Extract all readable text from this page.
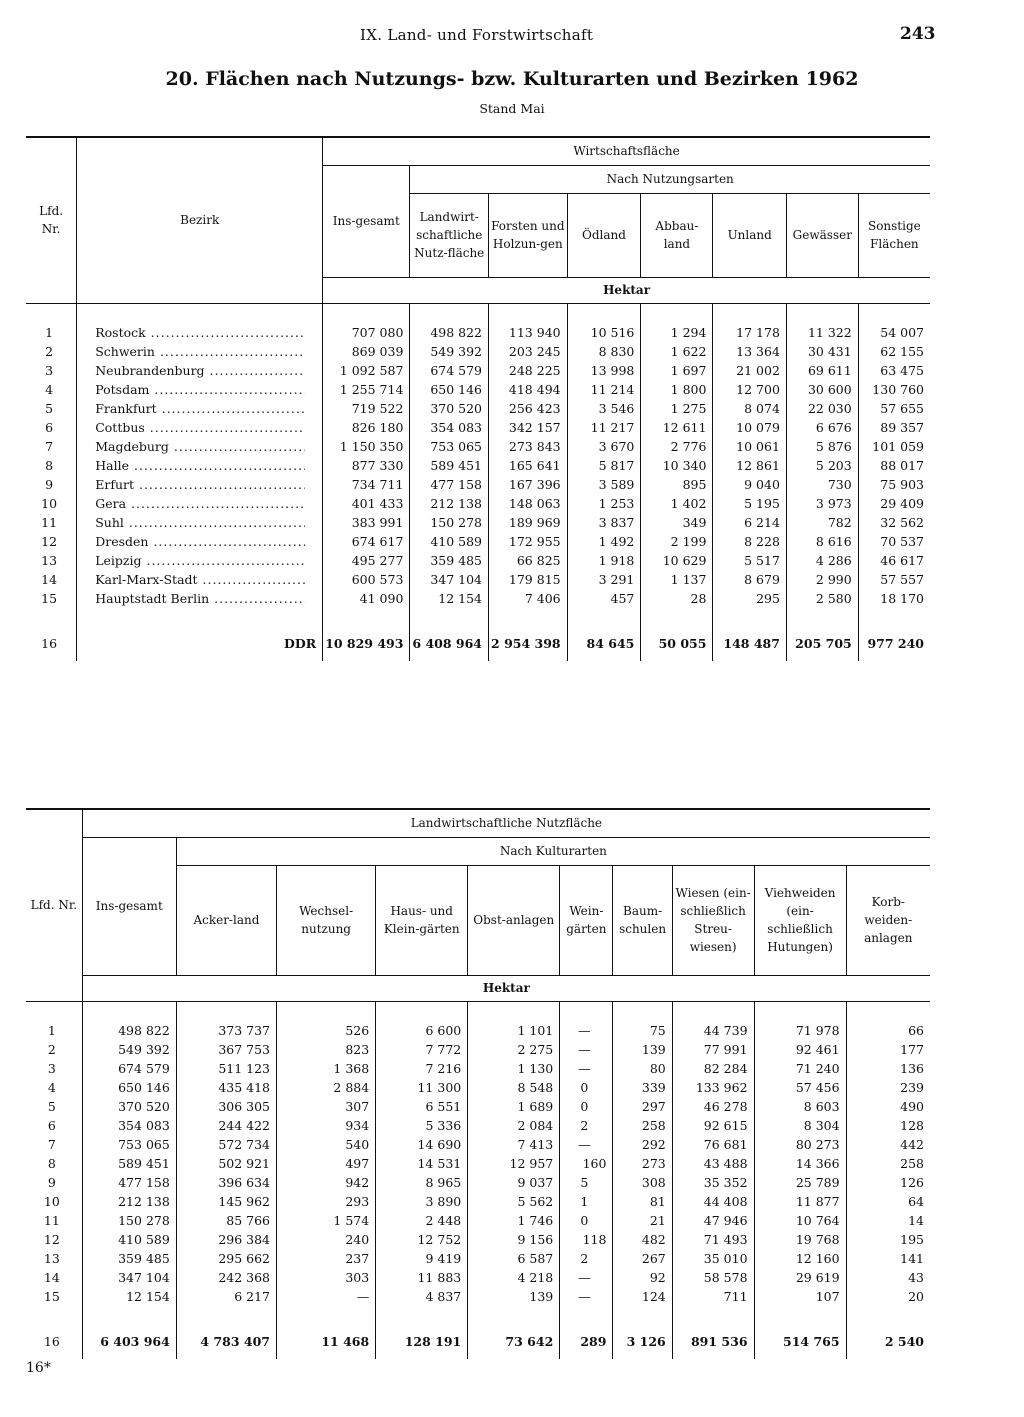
IX. Land- und Forstwirtschaft	243
20. Flächen nach Nutzungs- bzw. Kulturarten und Bezirken 1962
Stand Mai
Lfd. Nr.	Bezirk	Wirtschaftsfläche							
		Ins-gesamt	Nach Nutzungsarten						
			Landwirt-schaftliche Nutz-fläche	Forsten und Holzun-gen	Ödland	Abbau-land	Unland	Gewässer	Sonstige Flächen
		Hektar							

1	Rostock .....	707 080	498 822	113 940	10 516	1 294	17 178	11 322	54 007
2	Schwerin .....	869 039	549 392	203 245	8 830	1 622	13 364	30 431	62 155
3	Neubrandenburg .....	1 092 587	674 579	248 225	13 998	1 697	21 002	69 611	63 475
4	Potsdam .....	1 255 714	650 146	418 494	11 214	1 800	12 700	30 600	130 760
5	Frankfurt .....	719 522	370 520	256 423	3 546	1 275	8 074	22 030	57 655
6	Cottbus .....	826 180	354 083	342 157	11 217	12 611	10 079	6 676	89 357
7	Magdeburg .....	1 150 350	753 065	273 843	3 670	2 776	10 061	5 876	101 059
8	Halle .....	877 330	589 451	165 641	5 817	10 340	12 861	5 203	88 017
9	Erfurt .....	734 711	477 158	167 396	3 589	895	9 040	730	75 903
10	Gera .....	401 433	212 138	148 063	1 253	1 402	5 195	3 973	29 409
11	Suhl .....	383 991	150 278	189 969	3 837	349	6 214	782	32 562
12	Dresden .....	674 617	410 589	172 955	1 492	2 199	8 228	8 616	70 537
13	Leipzig .....	495 277	359 485	66 825	1 918	10 629	5 517	4 286	46 617
14	Karl-Marx-Stadt .....	600 573	347 104	179 815	3 291	1 137	8 679	2 990	57 557
15	Hauptstadt Berlin .....	41 090	12 154	7 406	457	28	295	2 580	18 170

16	DDR	10 829 493	6 408 964	2 954 398	84 645	50 055	148 487	205 705	977 240
Lfd. Nr.	Landwirtschaftliche Nutzfläche									
	Ins-gesamt	Nach Kulturarten								
		Acker-land	Wechsel-nutzung	Haus- und Klein-gärten	Obst-anlagen	Wein-gärten	Baum-schulen	Wiesen (ein-schließlich Streu-wiesen)	Viehweiden (ein-schließlich Hutungen)	Korb-weiden-anlagen
	Hektar									

1	498 822	373 737	526	6 600	1 101	—	75	44 739	71 978	66
2	549 392	367 753	823	7 772	2 275	—	139	77 991	92 461	177
3	674 579	511 123	1 368	7 216	1 130	—	80	82 284	71 240	136
4	650 146	435 418	2 884	11 300	8 548	0	339	133 962	57 456	239
5	370 520	306 305	307	6 551	1 689	0	297	46 278	8 603	490
6	354 083	244 422	934	5 336	2 084	2	258	92 615	8 304	128
7	753 065	572 734	540	14 690	7 413	—	292	76 681	80 273	442
8	589 451	502 921	497	14 531	12 957	160	273	43 488	14 366	258
9	477 158	396 634	942	8 965	9 037	5	308	35 352	25 789	126
10	212 138	145 962	293	3 890	5 562	1	81	44 408	11 877	64
11	150 278	85 766	1 574	2 448	1 746	0	21	47 946	10 764	14
12	410 589	296 384	240	12 752	9 156	118	482	71 493	19 768	195
13	359 485	295 662	237	9 419	6 587	2	267	35 010	12 160	141
14	347 104	242 368	303	11 883	4 218	—	92	58 578	29 619	43
15	12 154	6 217	—	4 837	139	—	124	711	107	20

16	6 403 964	4 783 407	11 468	128 191	73 642	289	3 126	891 536	514 765	2 540
16*
